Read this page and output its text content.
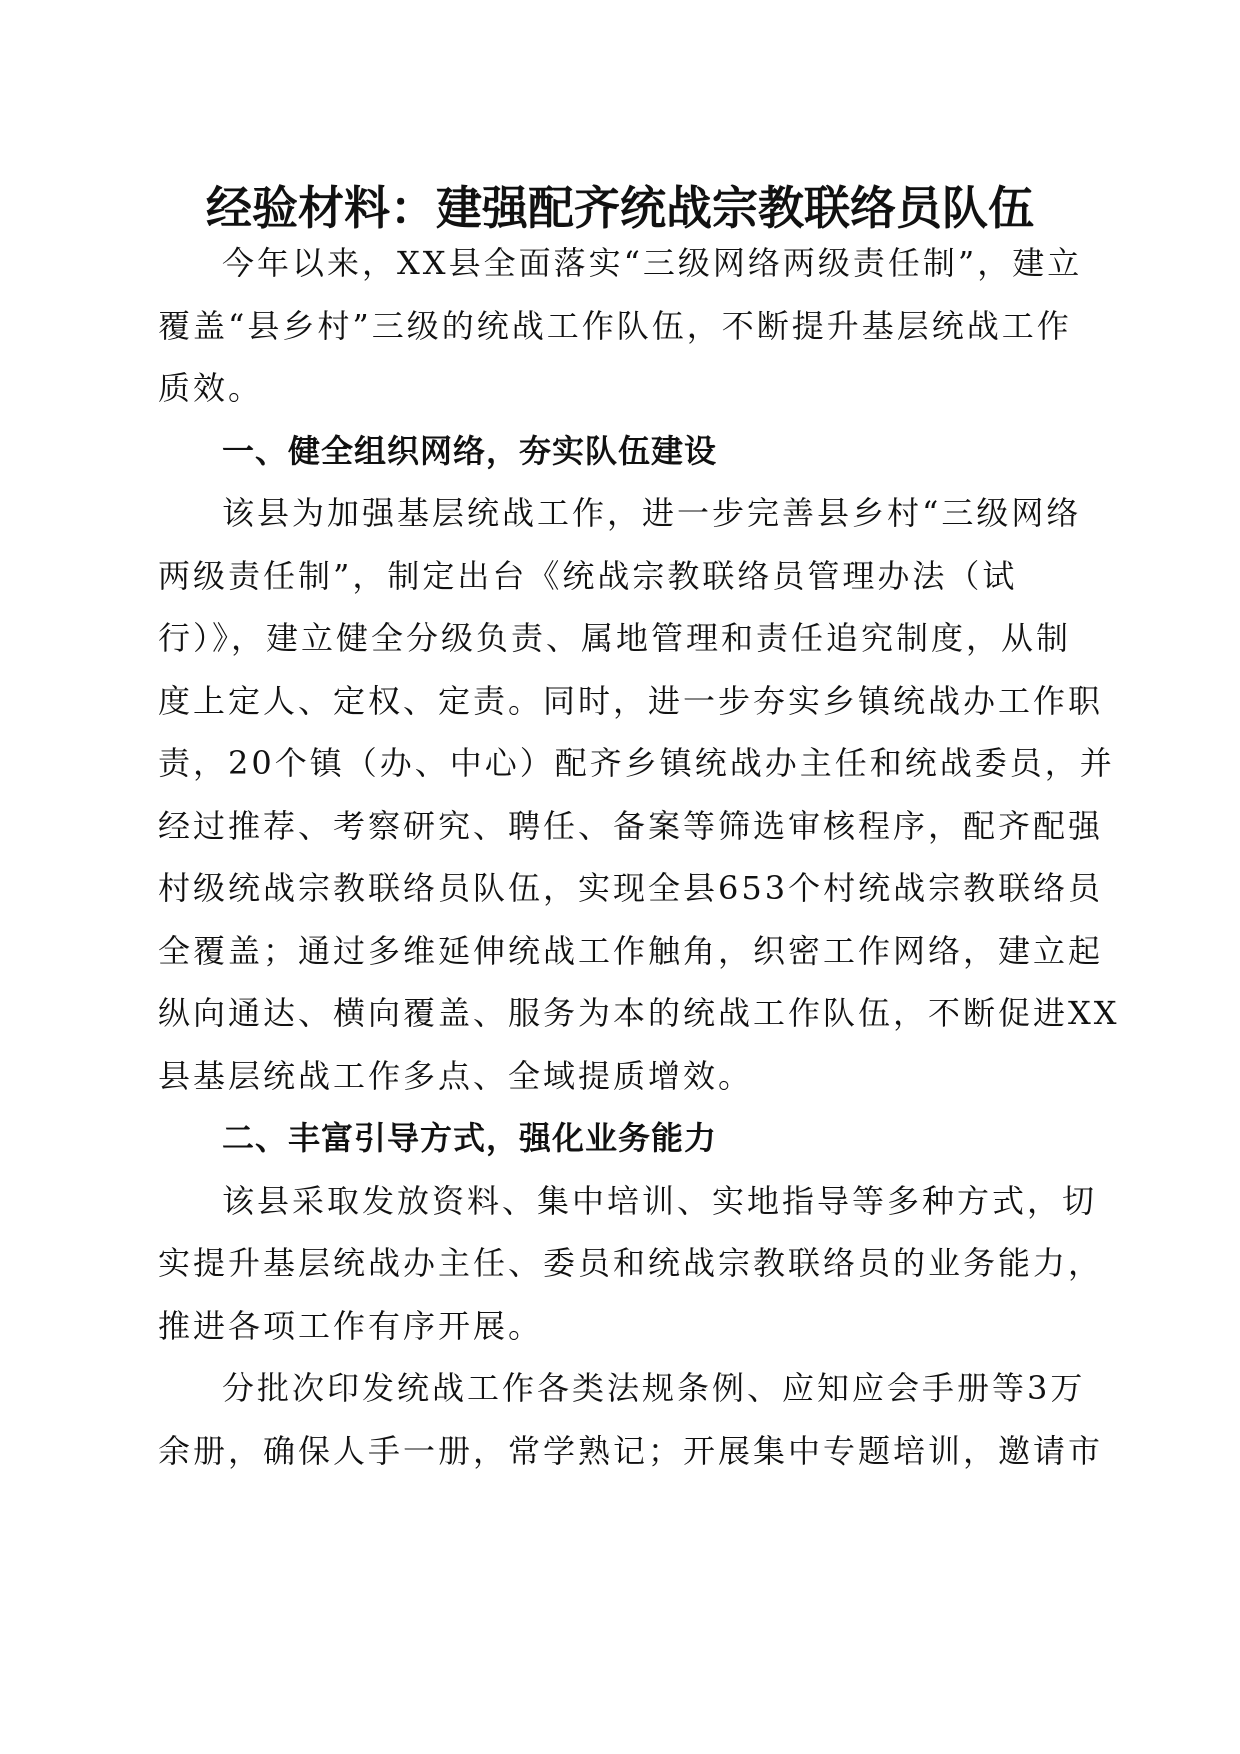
经验材料：建强配齐统战宗教联络员队伍
今年以来，XX县全面落实“三级网络两级责任制”，建立
覆盖“县乡村”三级的统战工作队伍，不断提升基层统战工作
质效。
一、健全组织网络，夯实队伍建设
该县为加强基层统战工作，进一步完善县乡村“三级网络
两级责任制”，制定出台《统战宗教联络员管理办法（试
行）》，建立健全分级负责、属地管理和责任追究制度，从制
度上定人、定权、定责。同时，进一步夯实乡镇统战办工作职
责，20个镇（办、中心）配齐乡镇统战办主任和统战委员，并
经过推荐、考察研究、聘任、备案等筛选审核程序，配齐配强
村级统战宗教联络员队伍，实现全县653个村统战宗教联络员
全覆盖；通过多维延伸统战工作触角，织密工作网络，建立起
纵向通达、横向覆盖、服务为本的统战工作队伍，不断促进XX
县基层统战工作多点、全域提质增效。
二、丰富引导方式，强化业务能力
该县采取发放资料、集中培训、实地指导等多种方式，切
实提升基层统战办主任、委员和统战宗教联络员的业务能力，
推进各项工作有序开展。
分批次印发统战工作各类法规条例、应知应会手册等3万
余册，确保人手一册，常学熟记；开展集中专题培训，邀请市
